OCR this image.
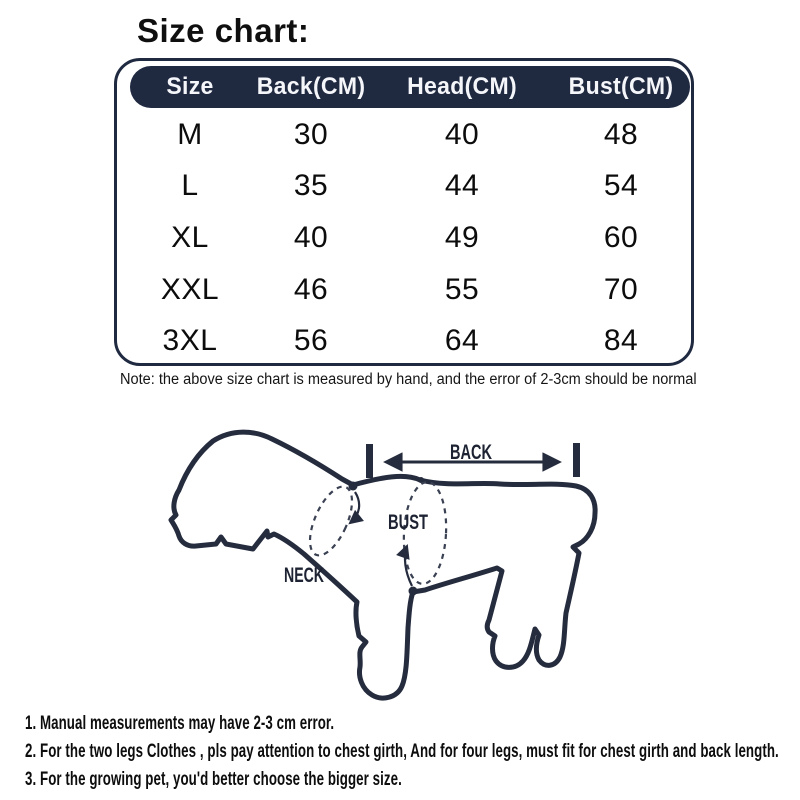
Size chart:
Size	Back(CM)	Head(CM)	Bust(CM)
M	30	40	48
L	35	44	54
XL	40	49	60
XXL	46	55	70
3XL	56	64	84
Note: the above size chart is measured by hand, and the error of 2-3cm should be normal
BACK
BUST
NECK
1. Manual measurements may have 2-3 cm error.
2. For the two legs Clothes , pls pay attention to chest girth, And for four legs, must fit for chest girth and back length.
3. For the growing pet, you'd better choose the bigger size.
